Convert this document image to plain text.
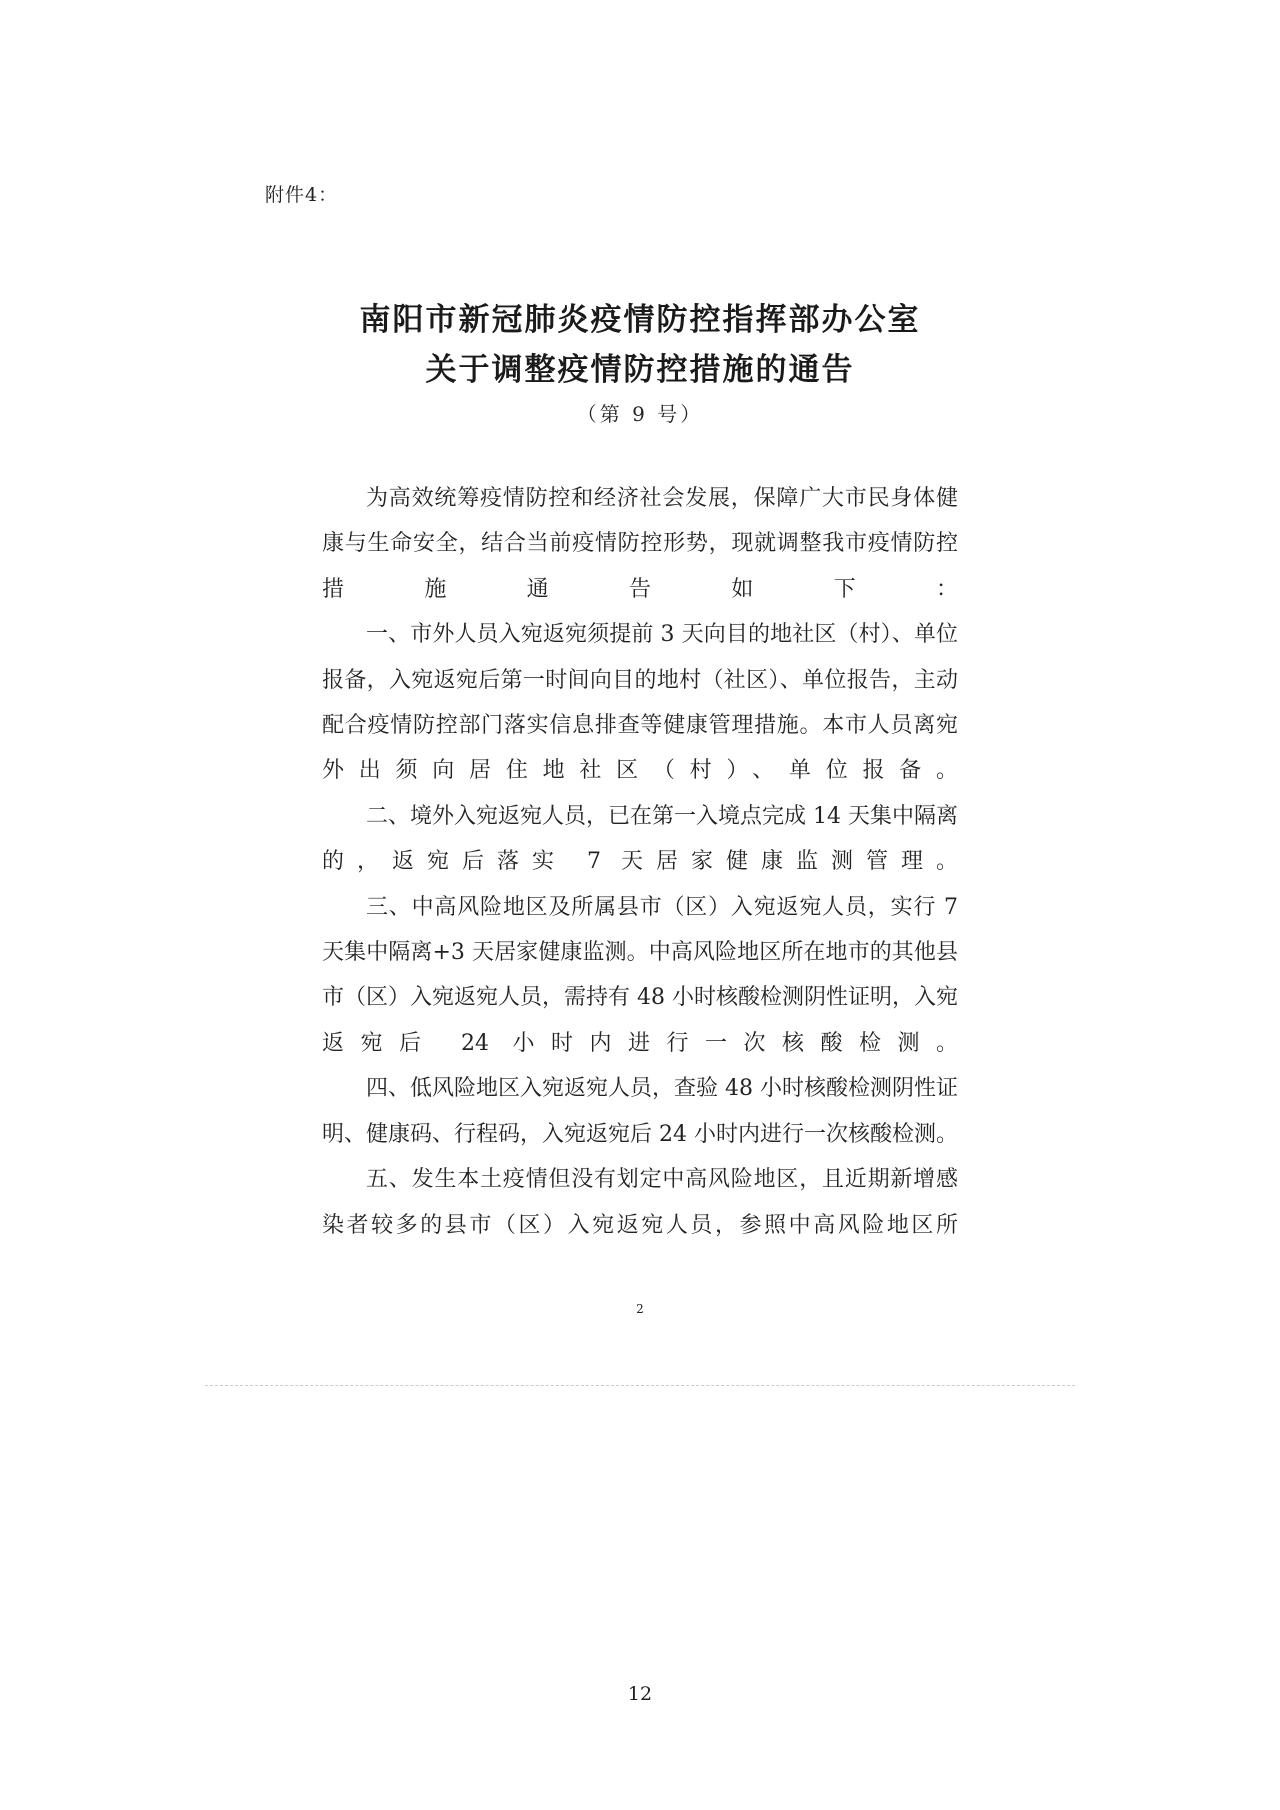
附件4：
南阳市新冠肺炎疫情防控指挥部办公室
关于调整疫情防控措施的通告
（第 9 号）

为高效统筹疫情防控和经济社会发展，保障广大市民身体健康与生命安全，结合当前疫情防控形势，现就调整我市疫情防控措施通告如下：

一、市外人员入宛返宛须提前 3 天向目的地社区（村）、单位报备，入宛返宛后第一时间向目的地村（社区）、单位报告，主动配合疫情防控部门落实信息排查等健康管理措施。本市人员离宛外出须向居住地社区（村）、单位报备。

二、境外入宛返宛人员，已在第一入境点完成 14 天集中隔离的，返宛后落实 7 天居家健康监测管理。

三、中高风险地区及所属县市（区）入宛返宛人员，实行 7 天集中隔离+3 天居家健康监测。中高风险地区所在地市的其他县市（区）入宛返宛人员，需持有 48 小时核酸检测阴性证明，入宛返宛后 24 小时内进行一次核酸检测。

四、低风险地区入宛返宛人员，查验 48 小时核酸检测阴性证明、健康码、行程码，入宛返宛后 24 小时内进行一次核酸检测。

五、发生本土疫情但没有划定中高风险地区，且近期新增感染者较多的县市（区）入宛返宛人员，参照中高风险地区所

2
12
